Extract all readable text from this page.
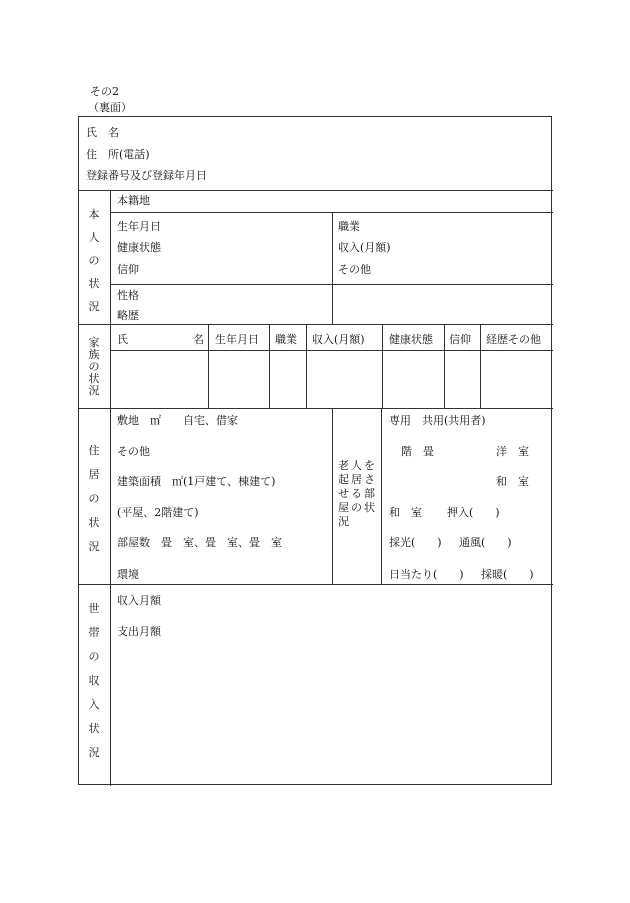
その2
（裏面）
氏　名
住　所(電話)
登録番号及び登録年月日
本人の状況
本籍地
生年月日
健康状態
信仰
職業
収入(月額)
その他
性格
略歴
家族の状況
氏	名 生年月日 職業 収入(月額) 健康状態 信仰 経歴その他
住居の状況
敷地　㎡　　自宅、借家
その他
建築面積　㎡(1戸建て、棟建て)
(平屋、2階建て)
部屋数　畳　室、畳　室、畳　室
環境
老人を起居させる部屋の状況
専用　共用(共用者)
階　畳	洋　室
和　室
和　室 押入(　　)
採光(　　) 通風(　　)
日当たり(　　) 採暖(　　)
世帯の収入状況
収入月額
支出月額
